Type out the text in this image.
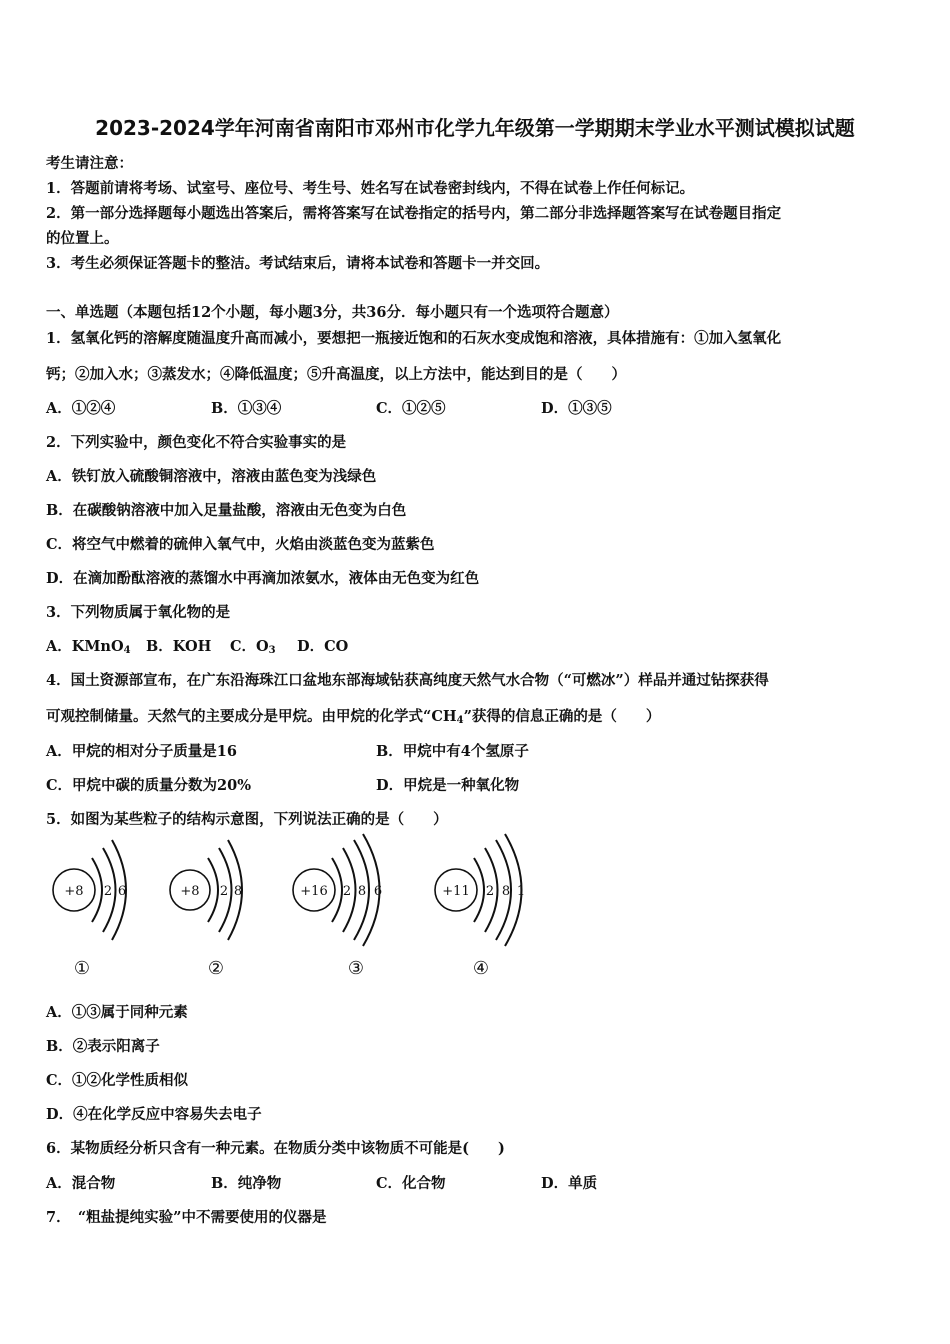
2023-2024学年河南省南阳市邓州市化学九年级第一学期期末学业水平测试模拟试题
考生请注意：
1．答题前请将考场、试室号、座位号、考生号、姓名写在试卷密封线内，不得在试卷上作任何标记。
2．第一部分选择题每小题选出答案后，需将答案写在试卷指定的括号内，第二部分非选择题答案写在试卷题目指定
的位置上。
3．考生必须保证答题卡的整洁。考试结束后，请将本试卷和答题卡一并交回。
一、单选题（本题包括12个小题，每小题3分，共36分．每小题只有一个选项符合题意）
1．氢氧化钙的溶解度随温度升高而减小，要想把一瓶接近饱和的石灰水变成饱和溶液，具体措施有：①加入氢氧化
钙；②加入水；③蒸发水；④降低温度；⑤升高温度，以上方法中，能达到目的是（　　）
A．①②④	B．①③④	C．①②⑤	D．①③⑤
2．下列实验中，颜色变化不符合实验事实的是
A．铁钉放入硫酸铜溶液中，溶液由蓝色变为浅绿色
B．在碳酸钠溶液中加入足量盐酸，溶液由无色变为白色
C．将空气中燃着的硫伸入氧气中，火焰由淡蓝色变为蓝紫色
D．在滴加酚酞溶液的蒸馏水中再滴加浓氨水，液体由无色变为红色
3．下列物质属于氧化物的是
A．KMnO$_4$ B．KOH C．$O_3$ D．CO
4．国土资源部宣布，在广东沿海珠江口盆地东部海域钻获高纯度天然气水合物（“可燃冰”）样品并通过钻探获得
可观控制储量。天然气的主要成分是甲烷。由甲烷的化学式“$CH_4$”获得的信息正确的是（　　）
A．甲烷的相对分子质量是16	B．甲烷中有4个氢原子
C．甲烷中碳的质量分数为20%	D．甲烷是一种氧化物
5．如图为某些粒子的结构示意图，下列说法正确的是（　　）
+8 2 6
①
+8 2 8
②
+16 2 8 6
③
+11 2 8 1
④
A．①③属于同种元素
B．②表示阳离子
C．①②化学性质相似
D．④在化学反应中容易失去电子
6．某物质经分析只含有一种元素。在物质分类中该物质不可能是(　　)
A．混合物	B．纯净物	C．化合物	D．单质
7．　“粗盐提纯实验”中不需要使用的仪器是
